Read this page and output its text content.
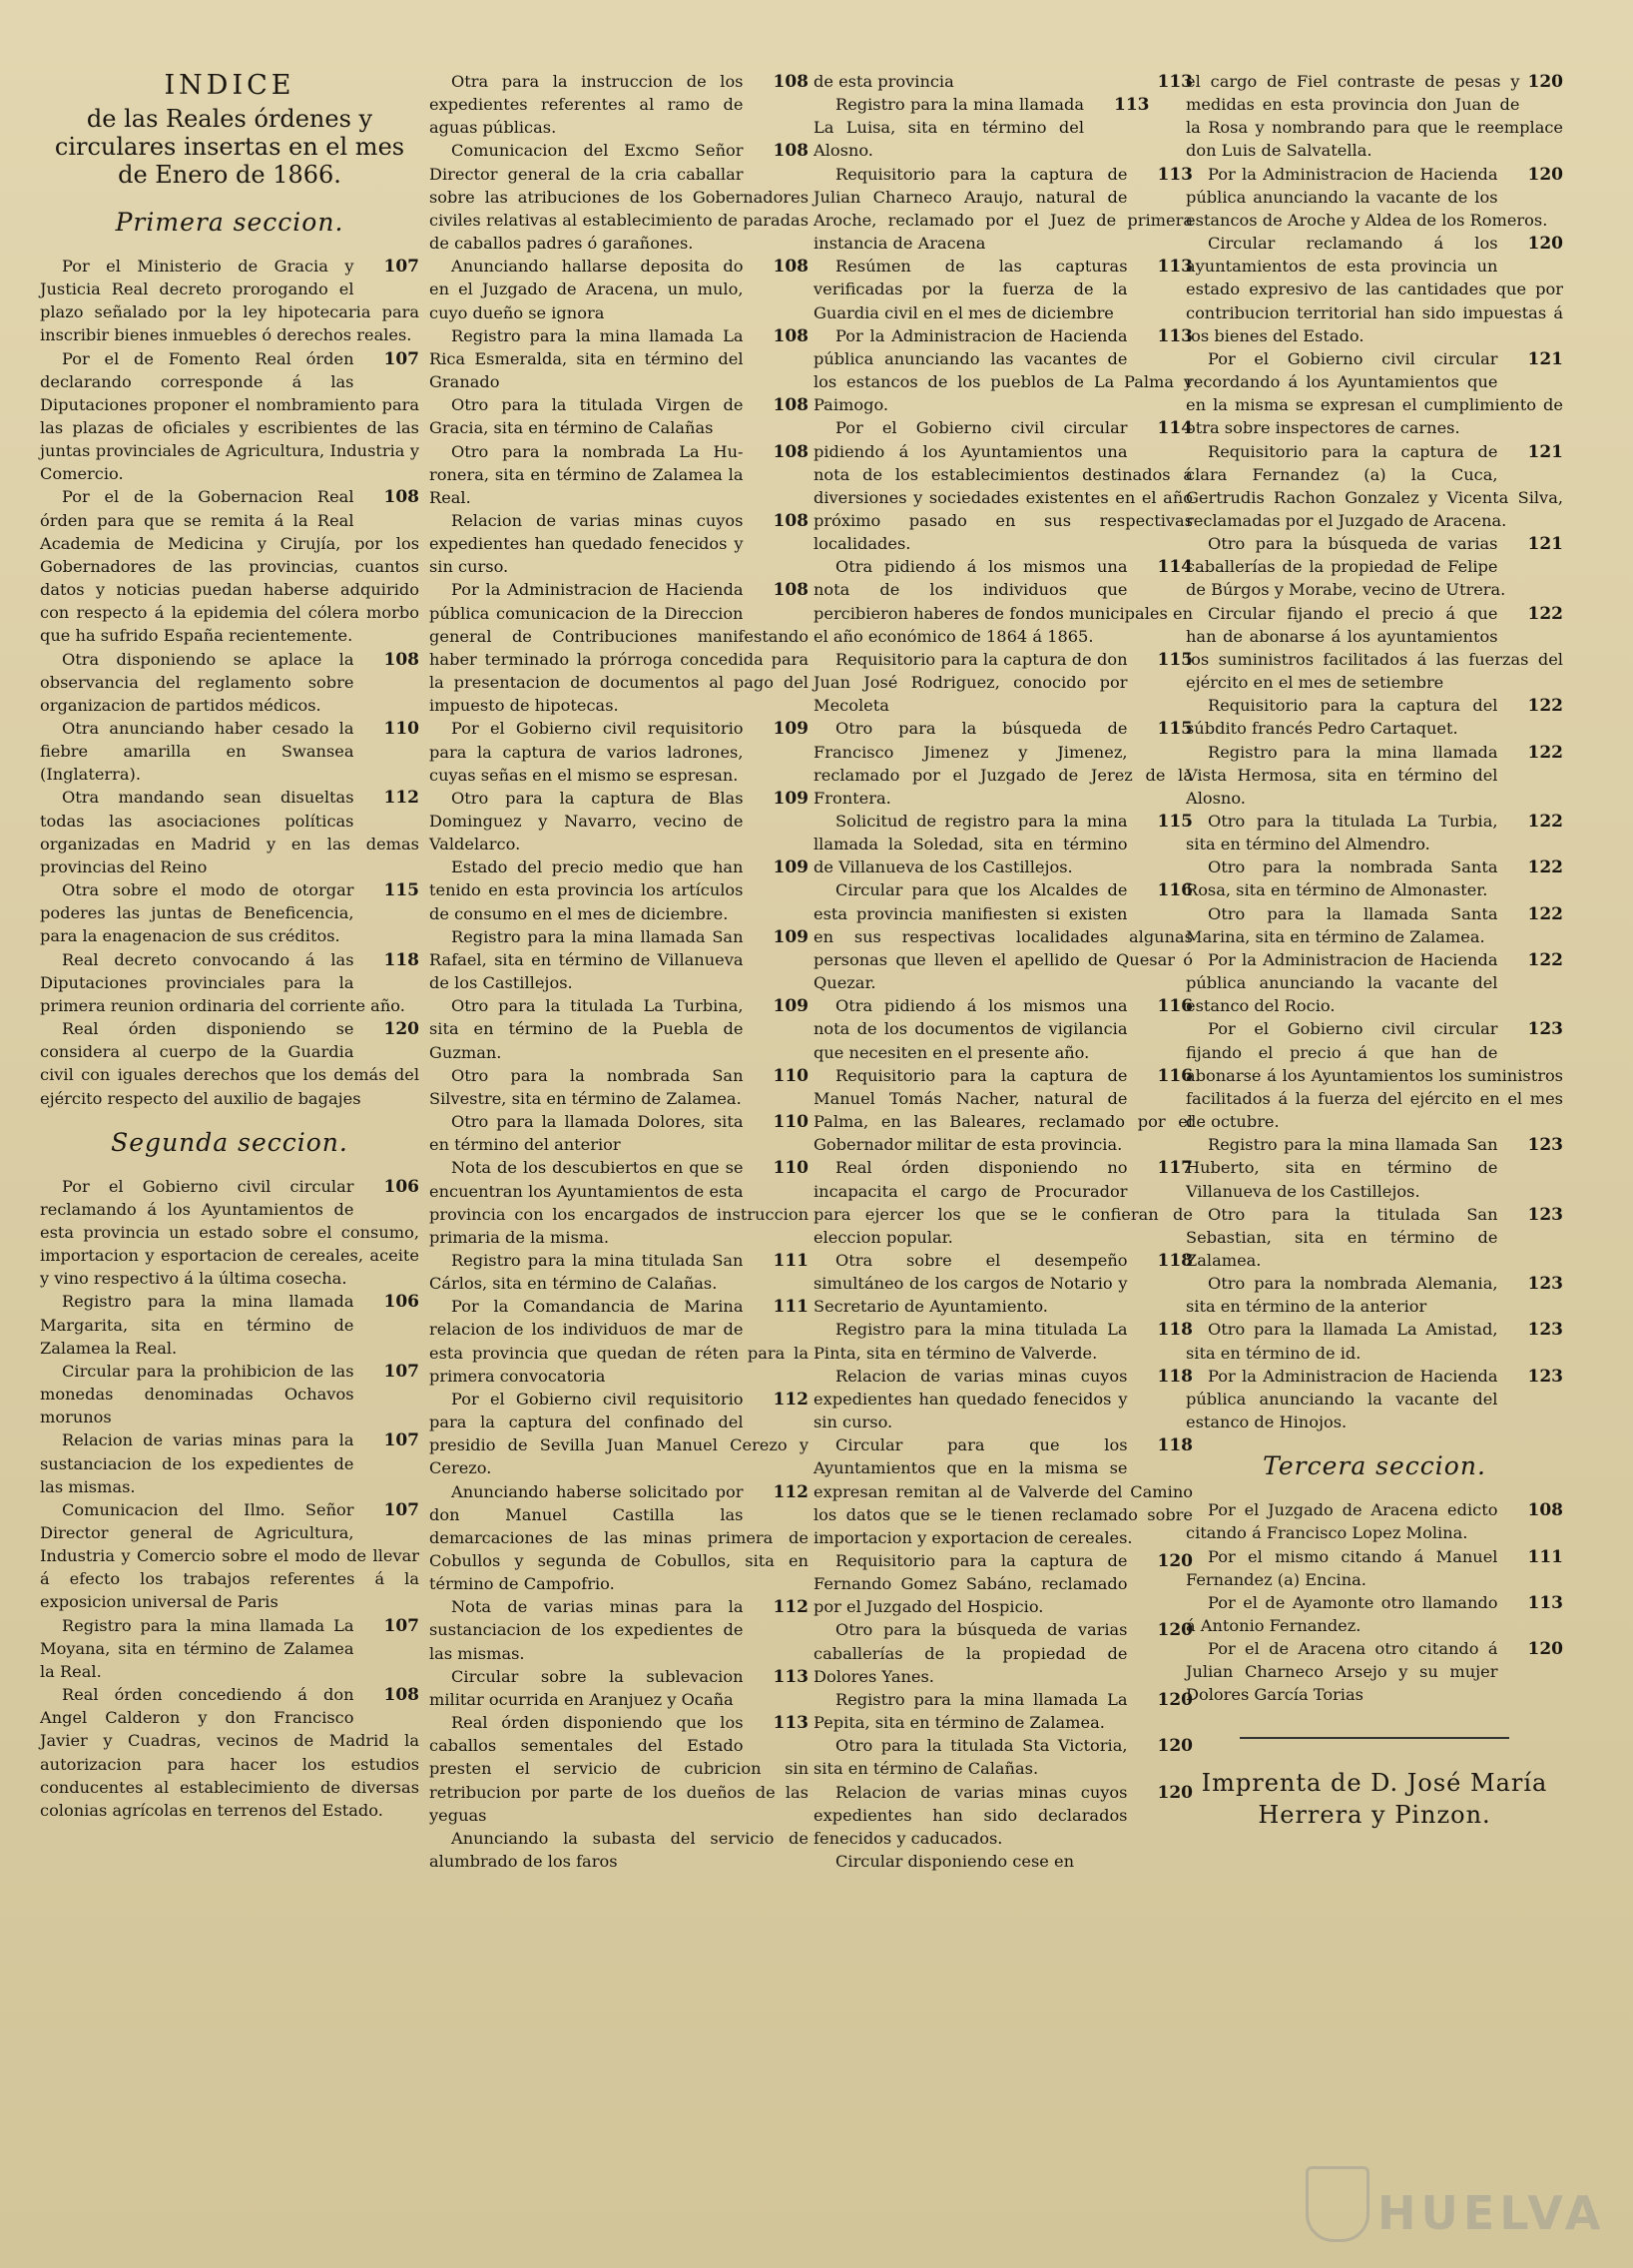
INDICE
de las Reales órdenes y circulares insertas en el mes de Enero de 1866.
Primera seccion.

107
Por el Ministerio de Gracia y Justicia Real decreto prorogando el plazo señalado por la ley hipotecaria para inscribir bienes inmuebles ó derechos reales.

107
Por el de Fomento Real órden declarando corresponde á las Diputaciones proponer el nombramiento para las plazas de oficiales y escribientes de las juntas provinciales de Agricultura, Industria y Comercio.

108
Por el de la Gobernacion Real órden para que se remita á la Real Academia de Medicina y Cirujía, por los Gobernadores de las provincias, cuantos datos y noticias puedan haberse adquirido con respecto á la epidemia del cólera morbo que ha sufrido España recientemente.

108
Otra disponiendo se aplace la observancia del reglamento sobre organizacion de partidos médicos.

110
Otra anunciando haber cesado la fiebre amarilla en Swansea (Inglaterra).

112
Otra mandando sean disueltas todas las asociaciones políticas organizadas en Madrid y en las demas provincias del Reino

115
Otra sobre el modo de otorgar poderes las juntas de Beneficencia, para la enagenacion de sus créditos.

118
Real decreto convocando á las Diputaciones provinciales para la primera reunion ordinaria del corriente año.

120
Real órden disponiendo se considera al cuerpo de la Guardia civil con iguales derechos que los demás del ejército respecto del auxilio de bagajes

Segunda seccion.

106
Por el Gobierno civil circular reclamando á los Ayuntamientos de esta provincia un estado sobre el consumo, importacion y esportacion de cereales, aceite y vino respectivo á la última cosecha.

106
Registro para la mina llamada Margarita, sita en término de Zalamea la Real.

107
Circular para la prohibicion de las monedas denominadas Ochavos morunos

107
Relacion de varias minas para la sustanciacion de los expedientes de las mismas.

107
Comunicacion del Ilmo. Señor Director general de Agricultura, Industria y Comercio sobre el modo de llevar á efecto los trabajos referentes á la exposicion universal de Paris

107
Registro para la mina llamada La Moyana, sita en término de Zalamea la Real.

108
Real órden concediendo á don Angel Calderon y don Francisco Javier y Cuadras, vecinos de Madrid la autorizacion para hacer los estudios conducentes al establecimiento de diversas colonias agrícolas en terrenos del Estado.

108
Otra para la instruccion de los expedientes referentes al ramo de aguas públicas.

108
Comunicacion del Excmo Señor Director general de la cria caballar sobre las atribuciones de los Gobernadores civiles relativas al establecimiento de paradas de caballos padres ó garañones.

108
Anunciando hallarse deposita do en el Juzgado de Aracena, un mulo, cuyo dueño se ignora

108
Registro para la mina llamada La Rica Esmeralda, sita en término del Granado

108
Otro para la titulada Virgen de Gracia, sita en término de Calañas

108
Otro para la nombrada La Hu-ronera, sita en término de Zalamea la Real.

108
Relacion de varias minas cuyos expedientes han quedado fenecidos y sin curso.

108
Por la Administracion de Hacienda pública comunicacion de la Direccion general de Contribuciones manifestando haber terminado la prórroga concedida para la presentacion de documentos al pago del impuesto de hipotecas.

109
Por el Gobierno civil requisitorio para la captura de varios ladrones, cuyas señas en el mismo se espresan.

109
Otro para la captura de Blas Dominguez y Navarro, vecino de Valdelarco.

109
Estado del precio medio que han tenido en esta provincia los artículos de consumo en el mes de diciembre.

109
Registro para la mina llamada San Rafael, sita en término de Villanueva de los Castillejos.

109
Otro para la titulada La Turbina, sita en término de la Puebla de Guzman.

110
Otro para la nombrada San Silvestre, sita en término de Zalamea.

110
Otro para la llamada Dolores, sita en término del anterior

110
Nota de los descubiertos en que se encuentran los Ayuntamientos de esta provincia con los encargados de instruccion primaria de la misma.

111
Registro para la mina titulada San Cárlos, sita en término de Calañas.

111
Por la Comandancia de Marina relacion de los individuos de mar de esta provincia que quedan de réten para la primera convocatoria

112
Por el Gobierno civil requisitorio para la captura del confinado del presidio de Sevilla Juan Manuel Cerezo y Cerezo.

112
Anunciando haberse solicitado por don Manuel Castilla las demarcaciones de las minas primera de Cobullos y segunda de Cobullos, sita en término de Campofrio.

112
Nota de varias minas para la sustanciacion de los expedientes de las mismas.

113
Circular sobre la sublevacion militar ocurrida en Aranjuez y Ocaña

113
Real órden disponiendo que los caballos sementales del Estado presten el servicio de cubricion sin retribucion por parte de los dueños de las yeguas

Anunciando la subasta del servicio de alumbrado de los faros

113
de esta provincia

113
Registro para la mina llamada La Luisa, sita en término del Alosno.

113
Requisitorio para la captura de Julian Charneco Araujo, natural de Aroche, reclamado por el Juez de primera instancia de Aracena

113
Resúmen de las capturas verificadas por la fuerza de la Guardia civil en el mes de diciembre

113
Por la Administracion de Hacienda pública anunciando las vacantes de los estancos de los pueblos de La Palma y Paimogo.

114
Por el Gobierno civil circular pidiendo á los Ayuntamientos una nota de los establecimientos destinados á diversiones y sociedades existentes en el año próximo pasado en sus respectivas localidades.

114
Otra pidiendo á los mismos una nota de los individuos que percibieron haberes de fondos municipales en el año económico de 1864 á 1865.

115
Requisitorio para la captura de don Juan José Rodriguez, conocido por Mecoleta

115
Otro para la búsqueda de Francisco Jimenez y Jimenez, reclamado por el Juzgado de Jerez de la Frontera.

115
Solicitud de registro para la mina llamada la Soledad, sita en término de Villanueva de los Castillejos.

116
Circular para que los Alcaldes de esta provincia manifiesten si existen en sus respectivas localidades algunas personas que lleven el apellido de Quesar ó Quezar.

116
Otra pidiendo á los mismos una nota de los documentos de vigilancia que necesiten en el presente año.

116
Requisitorio para la captura de Manuel Tomás Nacher, natural de Palma, en las Baleares, reclamado por el Gobernador militar de esta provincia.

117
Real órden disponiendo no incapacita el cargo de Procurador para ejercer los que se le confieran de eleccion popular.

118
Otra sobre el desempeño simultáneo de los cargos de Notario y Secretario de Ayuntamiento.

118
Registro para la mina titulada La Pinta, sita en término de Valverde.

118
Relacion de varias minas cuyos expedientes han quedado fenecidos y sin curso.

118
Circular para que los Ayuntamientos que en la misma se expresan remitan al de Valverde del Camino los datos que se le tienen reclamado sobre importacion y exportacion de cereales.

120
Requisitorio para la captura de Fernando Gomez Sabáno, reclamado por el Juzgado del Hospicio.

120
Otro para la búsqueda de varias caballerías de la propiedad de Dolores Yanes.

120
Registro para la mina llamada La Pepita, sita en término de Zalamea.

120
Otro para la titulada Sta Victoria, sita en término de Calañas.

120
Relacion de varias minas cuyos expedientes han sido declarados fenecidos y caducados.

Circular disponiendo cese en

120
el cargo de Fiel contraste de pesas y medidas en esta provincia don Juan de la Rosa y nombrando para que le reemplace don Luis de Salvatella.

120
Por la Administracion de Hacienda pública anunciando la vacante de los estancos de Aroche y Aldea de los Romeros.

120
Circular reclamando á los ayuntamientos de esta provincia un estado expresivo de las cantidades que por contribucion territorial han sido impuestas á los bienes del Estado.

121
Por el Gobierno civil circular recordando á los Ayuntamientos que en la misma se expresan el cumplimiento de otra sobre inspectores de carnes.

121
Requisitorio para la captura de clara Fernandez (a) la Cuca, Gertrudis Rachon Gonzalez y Vicenta Silva, reclamadas por el Juzgado de Aracena.

121
Otro para la búsqueda de varias caballerías de la propiedad de Felipe de Búrgos y Morabe, vecino de Utrera.

122
Circular fijando el precio á que han de abonarse á los ayuntamientos los suministros facilitados á las fuerzas del ejército en el mes de setiembre

122
Requisitorio para la captura del súbdito francés Pedro Cartaquet.

122
Registro para la mina llamada Vista Hermosa, sita en término del Alosno.

122
Otro para la titulada La Turbia, sita en término del Almendro.

122
Otro para la nombrada Santa Rosa, sita en término de Almonaster.

122
Otro para la llamada Santa Marina, sita en término de Zalamea.

122
Por la Administracion de Hacienda pública anunciando la vacante del estanco del Rocio.

123
Por el Gobierno civil circular fijando el precio á que han de abonarse á los Ayuntamientos los suministros facilitados á la fuerza del ejército en el mes de octubre.

123
Registro para la mina llamada San Huberto, sita en término de Villanueva de los Castillejos.

123
Otro para la titulada San Sebastian, sita en término de Zalamea.

123
Otro para la nombrada Alemania, sita en término de la anterior

123
Otro para la llamada La Amistad, sita en término de id.

123
Por la Administracion de Hacienda pública anunciando la vacante del estanco de Hinojos.

Tercera seccion.

108
Por el Juzgado de Aracena edicto citando á Francisco Lopez Molina.

111
Por el mismo citando á Manuel Fernandez (a) Encina.

113
Por el de Ayamonte otro llamando á Antonio Fernandez.

120
Por el de Aracena otro citando á Julian Charneco Arsejo y su mujer Dolores García Torias

Imprenta de D. José María
Herrera y Pinzon.
HUELVA
